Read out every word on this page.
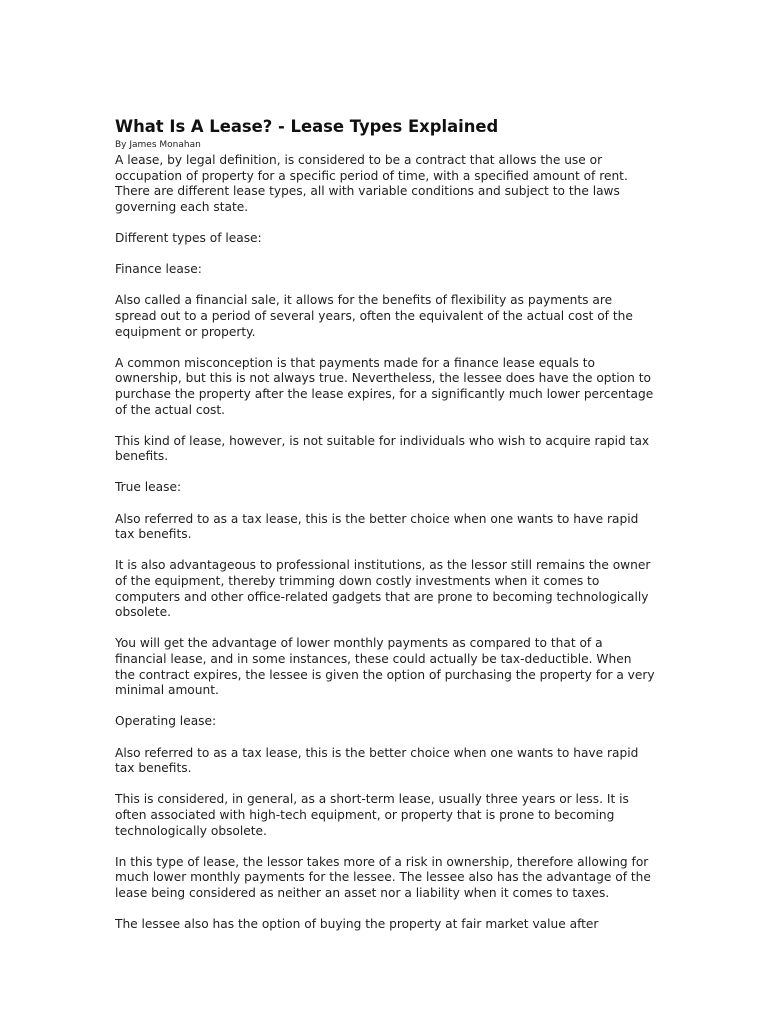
What Is A Lease? - Lease Types Explained
By James Monahan

A lease, by legal definition, is considered to be a contract that allows the use or occupation of property for a specific period of time, with a specified amount of rent. There are different lease types, all with variable conditions and subject to the laws governing each state.

Different types of lease:

Finance lease:

Also called a financial sale, it allows for the benefits of flexibility as payments are spread out to a period of several years, often the equivalent of the actual cost of the equipment or property.

A common misconception is that payments made for a finance lease equals to ownership, but this is not always true. Nevertheless, the lessee does have the option to purchase the property after the lease expires, for a significantly much lower percentage of the actual cost.

This kind of lease, however, is not suitable for individuals who wish to acquire rapid tax benefits.

True lease:

Also referred to as a tax lease, this is the better choice when one wants to have rapid tax benefits.

It is also advantageous to professional institutions, as the lessor still remains the owner of the equipment, thereby trimming down costly investments when it comes to computers and other office-related gadgets that are prone to becoming technologically obsolete.

You will get the advantage of lower monthly payments as compared to that of a financial lease, and in some instances, these could actually be tax-deductible. When the contract expires, the lessee is given the option of purchasing the property for a very minimal amount.

Operating lease:

Also referred to as a tax lease, this is the better choice when one wants to have rapid tax benefits.

This is considered, in general, as a short-term lease, usually three years or less. It is often associated with high-tech equipment, or property that is prone to becoming technologically obsolete.

In this type of lease, the lessor takes more of a risk in ownership, therefore allowing for much lower monthly payments for the lessee. The lessee also has the advantage of the lease being considered as neither an asset nor a liability when it comes to taxes.

The lessee also has the option of buying the property at fair market value after
